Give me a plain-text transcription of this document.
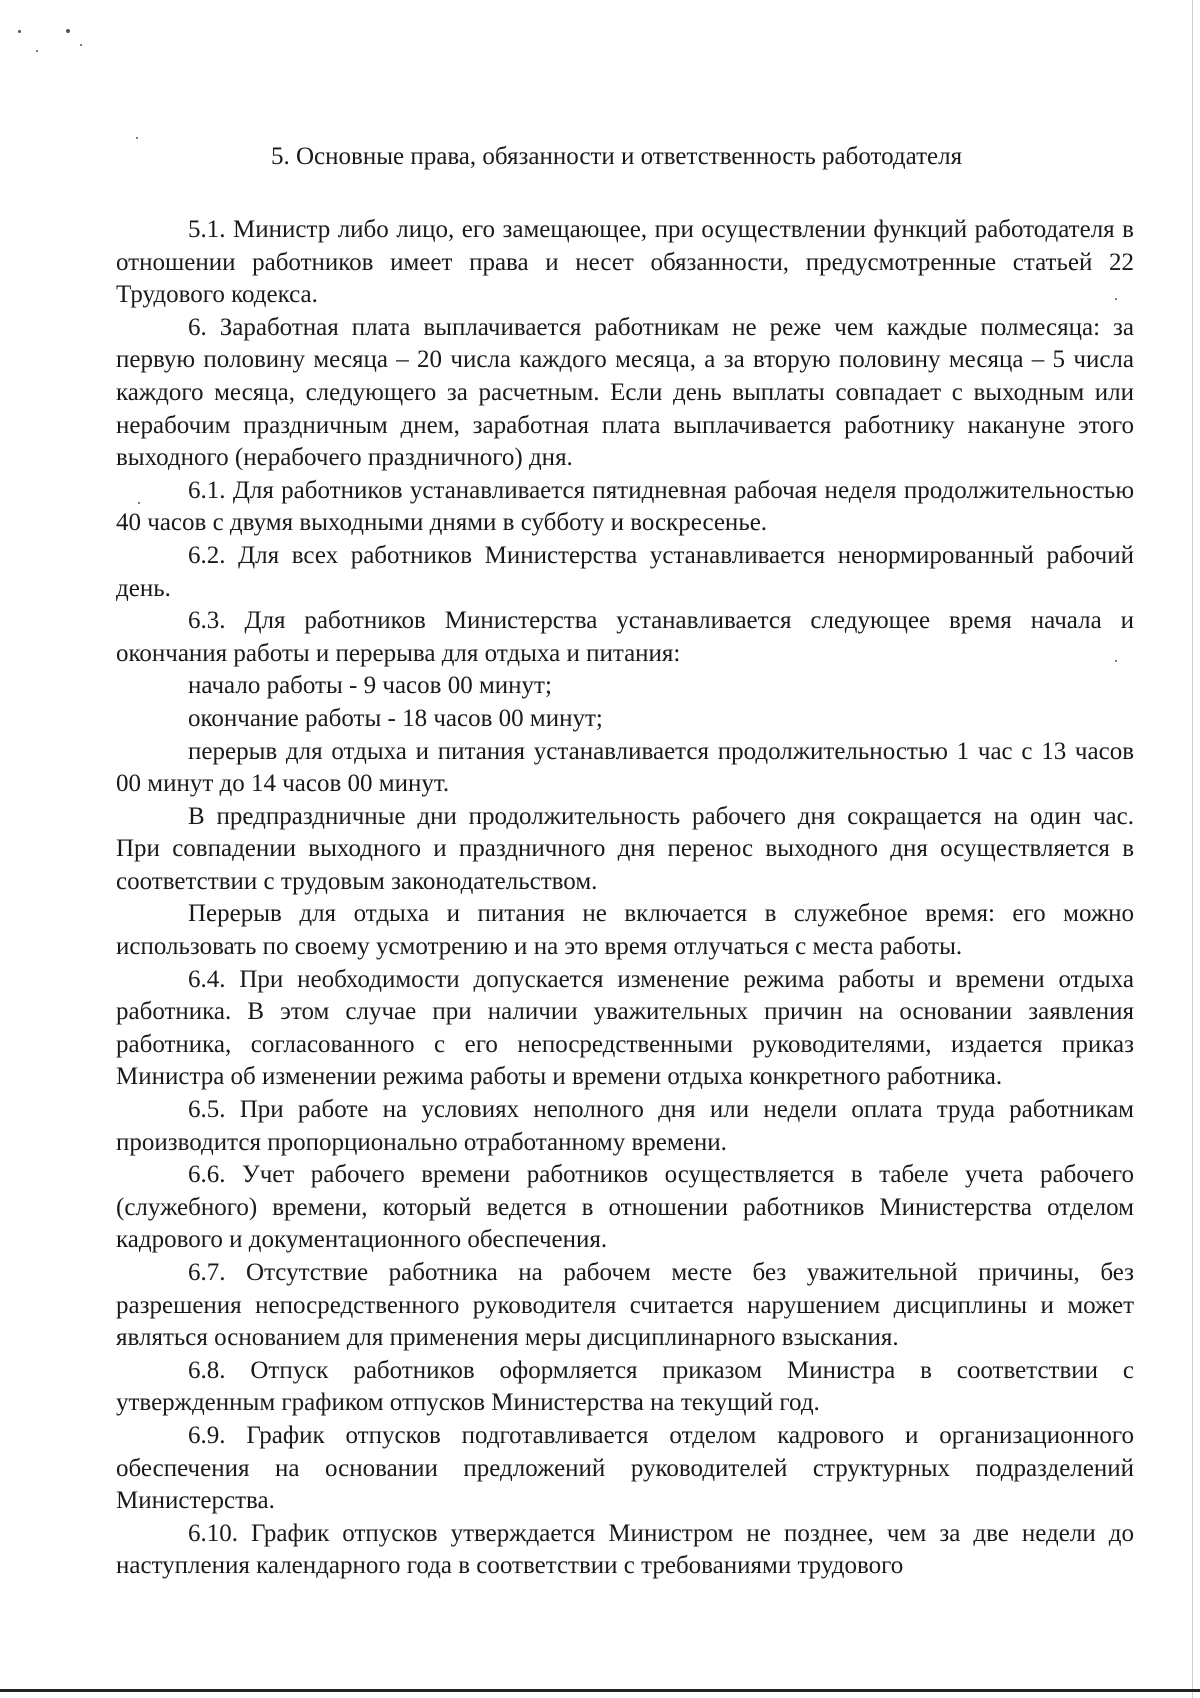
5. Основные права, обязанности и ответственность работодателя

5.1. Министр либо лицо, его замещающее, при осуществлении функций работодателя в отношении работников имеет права и несет обязанности, предусмотренные статьей 22 Трудового кодекса.

6. Заработная плата выплачивается работникам не реже чем каждые полмесяца: за первую половину месяца – 20 числа каждого месяца, а за вторую половину месяца – 5 числа каждого месяца, следующего за расчетным. Если день выплаты совпадает с выходным или нерабочим праздничным днем, заработная плата выплачивается работнику накануне этого выходного (нерабочего праздничного) дня.

6.1. Для работников устанавливается пятидневная рабочая неделя продолжительностью 40 часов с двумя выходными днями в субботу и воскресенье.

6.2. Для всех работников Министерства устанавливается ненормированный рабочий день.

6.3. Для работников Министерства устанавливается следующее время начала и окончания работы и перерыва для отдыха и питания:

начало работы - 9 часов 00 минут;

окончание работы - 18 часов 00 минут;

перерыв для отдыха и питания устанавливается продолжительностью 1 час с 13 часов 00 минут до 14 часов 00 минут.

В предпраздничные дни продолжительность рабочего дня сокращается на один час. При совпадении выходного и праздничного дня перенос выходного дня осуществляется в соответствии с трудовым законодательством.

Перерыв для отдыха и питания не включается в служебное время: его можно использовать по своему усмотрению и на это время отлучаться с места работы.

6.4. При необходимости допускается изменение режима работы и времени отдыха работника. В этом случае при наличии уважительных причин на основании заявления работника, согласованного с его непосредственными руководителями, издается приказ Министра об изменении режима работы и времени отдыха конкретного работника.

6.5. При работе на условиях неполного дня или недели оплата труда работникам производится пропорционально отработанному времени.

6.6. Учет рабочего времени работников осуществляется в табеле учета рабочего (служебного) времени, который ведется в отношении работников Министерства отделом кадрового и документационного обеспечения.

6.7. Отсутствие работника на рабочем месте без уважительной причины, без разрешения непосредственного руководителя считается нарушением дисциплины и может являться основанием для применения меры дисциплинарного взыскания.

6.8. Отпуск работников оформляется приказом Министра в соответствии с утвержденным графиком отпусков Министерства на текущий год.

6.9. График отпусков подготавливается отделом кадрового и организационного обеспечения на основании предложений руководителей структурных подразделений Министерства.

6.10. График отпусков утверждается Министром не позднее, чем за две недели до наступления календарного года в соответствии с требованиями трудового
